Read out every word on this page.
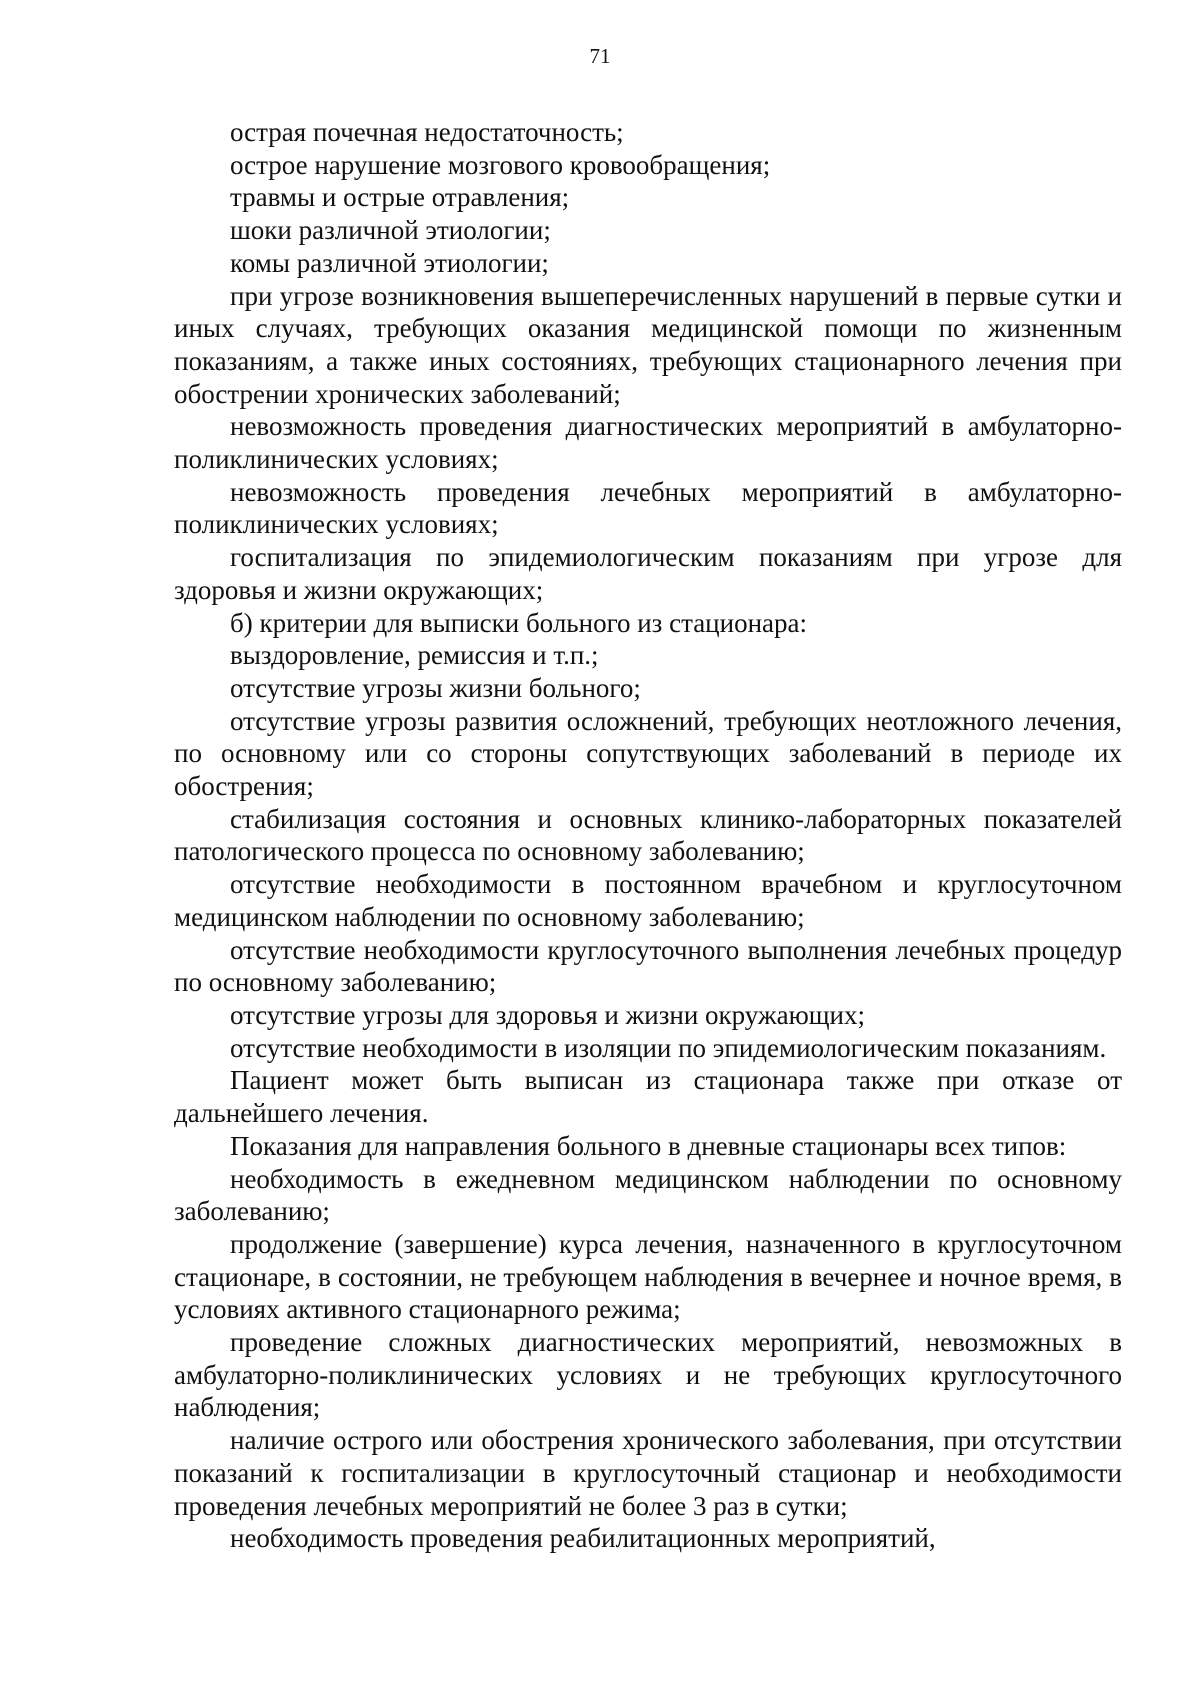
71

острая почечная недостаточность;

острое нарушение мозгового кровообращения;

травмы и острые отравления;

шоки различной этиологии;

комы различной этиологии;

при угрозе возникновения вышеперечисленных нарушений в первые сутки и иных случаях, требующих оказания медицинской помощи по жизненным показаниям, а также иных состояниях, требующих стационарного лечения при обострении хронических заболеваний;

невозможность проведения диагностических мероприятий в амбулаторно-поликлинических условиях;

невозможность проведения лечебных мероприятий в амбулаторно-поликлинических условиях;

госпитализация по эпидемиологическим показаниям при угрозе для здоровья и жизни окружающих;

б) критерии для выписки больного из стационара:

выздоровление, ремиссия и т.п.;

отсутствие угрозы жизни больного;

отсутствие угрозы развития осложнений, требующих неотложного лечения, по основному или со стороны сопутствующих заболеваний в периоде их обострения;

стабилизация состояния и основных клинико-лабораторных показателей патологического процесса по основному заболеванию;

отсутствие необходимости в постоянном врачебном и круглосуточном медицинском наблюдении по основному заболеванию;

отсутствие необходимости круглосуточного выполнения лечебных процедур по основному заболеванию;

отсутствие угрозы для здоровья и жизни окружающих;

отсутствие необходимости в изоляции по эпидемиологическим показаниям.

Пациент может быть выписан из стационара также при отказе от дальнейшего лечения.

Показания для направления больного в дневные стационары всех типов:

необходимость в ежедневном медицинском наблюдении по основному заболеванию;

продолжение (завершение) курса лечения, назначенного в круглосуточном стационаре, в состоянии, не требующем наблюдения в вечернее и ночное время, в условиях активного стационарного режима;

проведение сложных диагностических мероприятий, невозможных в амбулаторно-поликлинических условиях и не требующих круглосуточного наблюдения;

наличие острого или обострения хронического заболевания, при отсутствии показаний к госпитализации в круглосуточный стационар и необходимости проведения лечебных мероприятий не более 3 раз в сутки;

необходимость проведения реабилитационных мероприятий,
